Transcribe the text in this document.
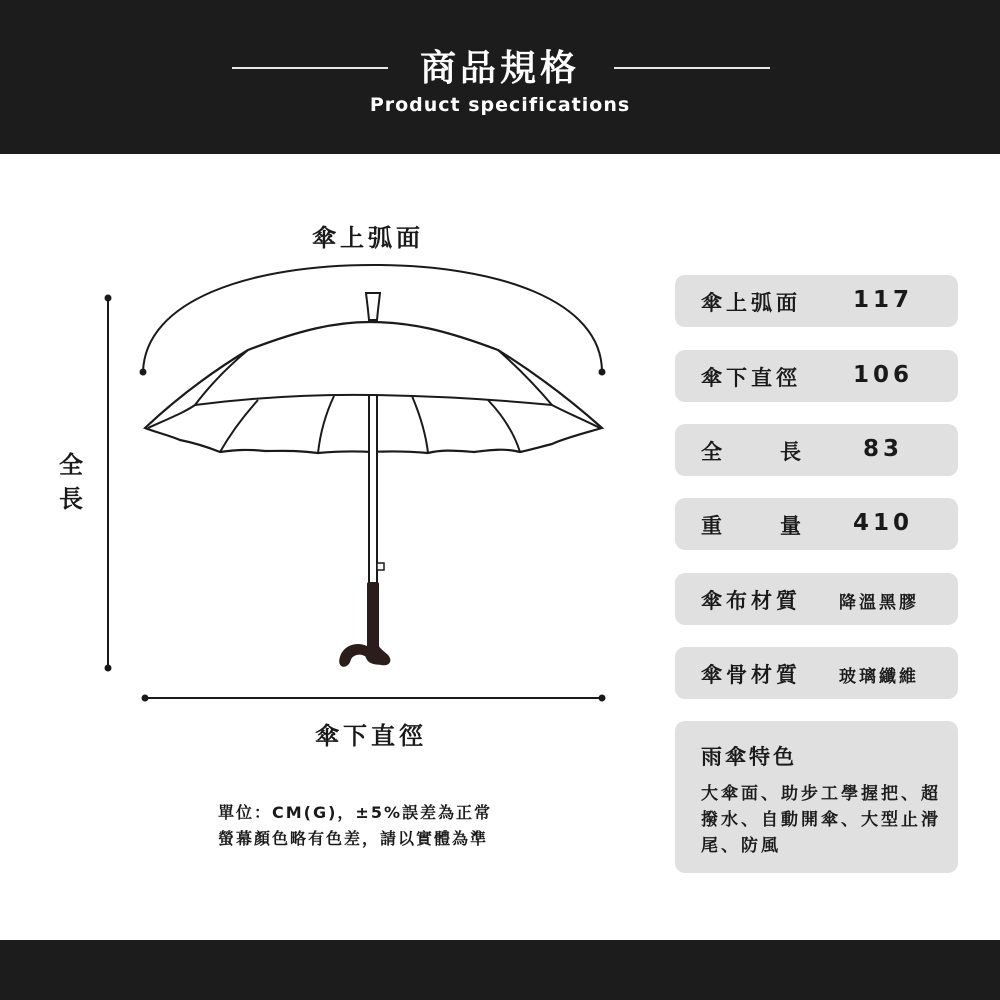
商品規格
Product specifications
傘上弧面
傘下直徑
全
長
單位：CM(G)，±5%誤差為正常
螢幕顏色略有色差，請以實體為準
傘上弧面 117
傘下直徑 106
全	長	83
重	量 410
傘布材質 降溫黑膠
傘骨材質 玻璃纖維
雨傘特色
大傘面、助步工學握把、超撥水、自動開傘、大型止滑尾、防風
